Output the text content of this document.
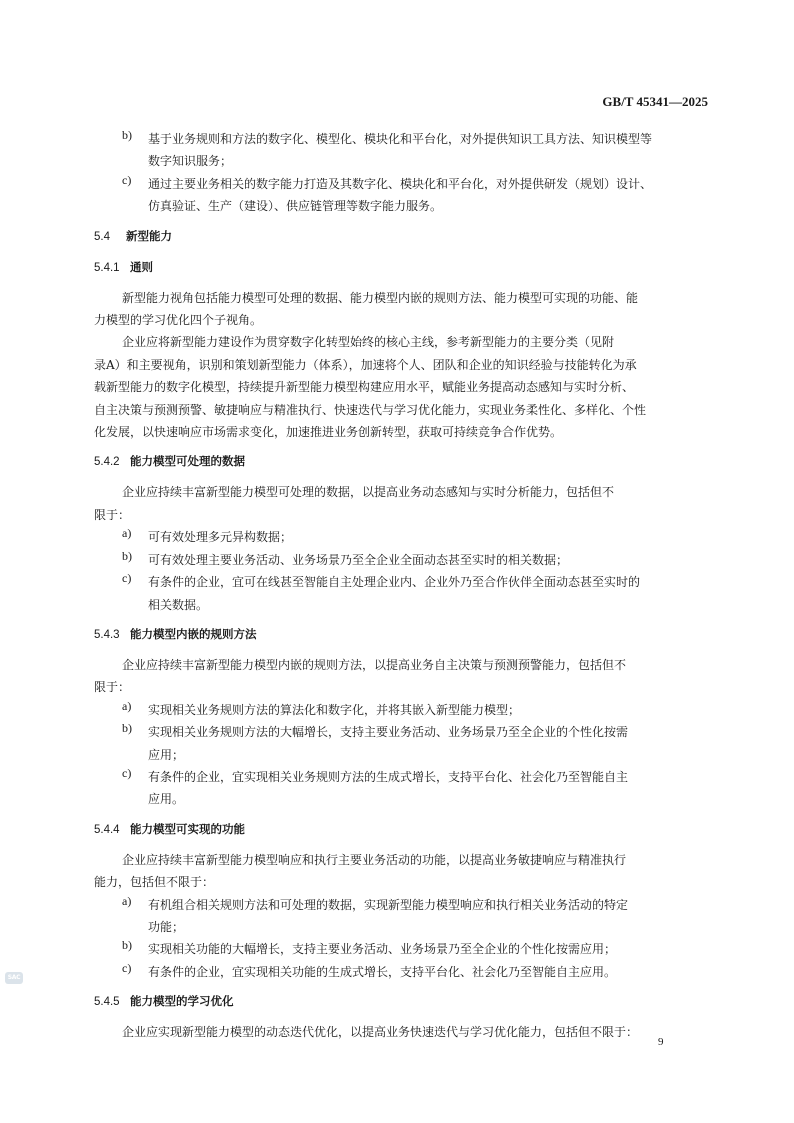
GB/T 45341—2025
SAC
b)	基于业务规则和方法的数字化、模型化、模块化和平台化，对外提供知识工具方法、知识模型等

数字知识服务；

c)	通过主要业务相关的数字能力打造及其数字化、模块化和平台化，对外提供研发（规划）设计、

仿真验证、生产（建设）、供应链管理等数字能力服务。

5.4 新型能力
5.4.1 通则

新型能力视角包括能力模型可处理的数据、能力模型内嵌的规则方法、能力模型可实现的功能、能

力模型的学习优化四个子视角。

企业应将新型能力建设作为贯穿数字化转型始终的核心主线，参考新型能力的主要分类（见附

录A）和主要视角，识别和策划新型能力（体系），加速将个人、团队和企业的知识经验与技能转化为承

载新型能力的数字化模型，持续提升新型能力模型构建应用水平，赋能业务提高动态感知与实时分析、

自主决策与预测预警、敏捷响应与精准执行、快速迭代与学习优化能力，实现业务柔性化、多样化、个性

化发展，以快速响应市场需求变化，加速推进业务创新转型，获取可持续竞争合作优势。

5.4.2 能力模型可处理的数据

企业应持续丰富新型能力模型可处理的数据，以提高业务动态感知与实时分析能力，包括但不

限于：

a)	可有效处理多元异构数据；

b)	可有效处理主要业务活动、业务场景乃至全企业全面动态甚至实时的相关数据；

c)	有条件的企业，宜可在线甚至智能自主处理企业内、企业外乃至合作伙伴全面动态甚至实时的

相关数据。

5.4.3 能力模型内嵌的规则方法

企业应持续丰富新型能力模型内嵌的规则方法，以提高业务自主决策与预测预警能力，包括但不

限于：

a)	实现相关业务规则方法的算法化和数字化，并将其嵌入新型能力模型；

b)	实现相关业务规则方法的大幅增长，支持主要业务活动、业务场景乃至全企业的个性化按需

应用；

c)	有条件的企业，宜实现相关业务规则方法的生成式增长，支持平台化、社会化乃至智能自主

应用。

5.4.4 能力模型可实现的功能

企业应持续丰富新型能力模型响应和执行主要业务活动的功能，以提高业务敏捷响应与精准执行

能力，包括但不限于：

a)	有机组合相关规则方法和可处理的数据，实现新型能力模型响应和执行相关业务活动的特定

功能；

b)	实现相关功能的大幅增长，支持主要业务活动、业务场景乃至全企业的个性化按需应用；

c)	有条件的企业，宜实现相关功能的生成式增长，支持平台化、社会化乃至智能自主应用。

5.4.5 能力模型的学习优化

企业应实现新型能力模型的动态迭代优化，以提高业务快速迭代与学习优化能力，包括但不限于：

9
